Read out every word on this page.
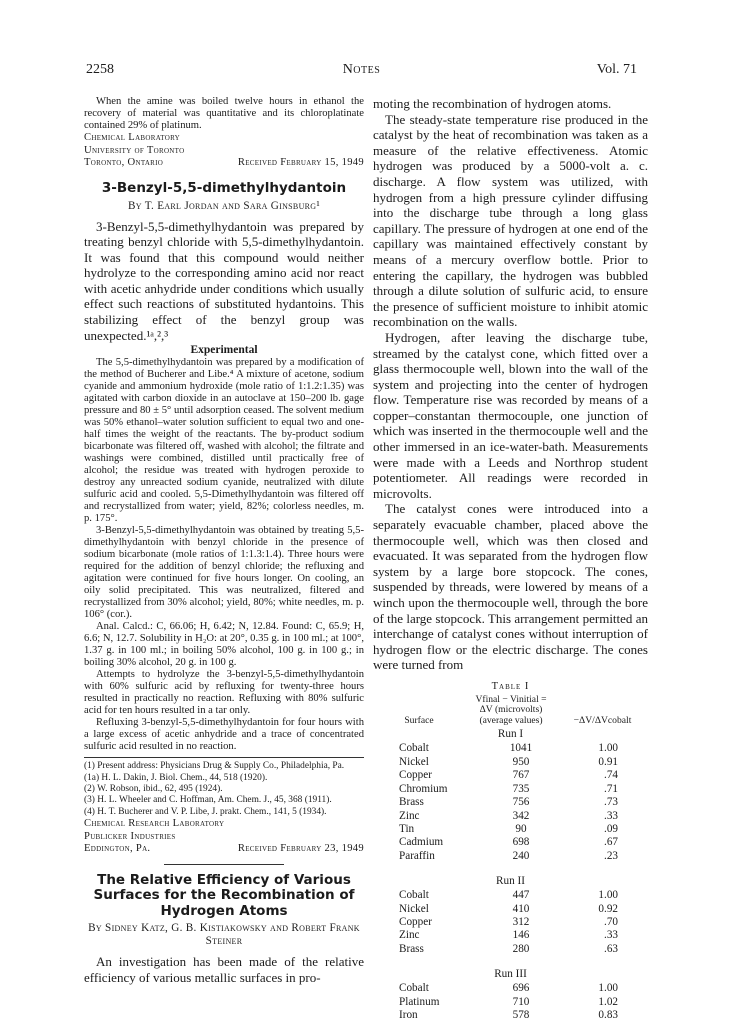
2258	Notes	Vol. 71

When the amine was boiled twelve hours in ethanol the recovery of material was quantitative and its chloroplatinate contained 29% of platinum.

Chemical Laboratory

University of Toronto

Toronto, Ontario	Received February 15, 1949
3-Benzyl-5,5-dimethylhydantoin
By T. Earl Jordan and Sara Ginsburg¹

3-Benzyl-5,5-dimethylhydantoin was prepared by treating benzyl chloride with 5,5-dimethylhydantoin. It was found that this compound would neither hydrolyze to the corresponding amino acid nor react with acetic anhydride under conditions which usually effect such reactions of substituted hydantoins. This stabilizing effect of the benzyl group was unexpected.¹ᵃ,²,³

Experimental

The 5,5-dimethylhydantoin was prepared by a modification of the method of Bucherer and Libe.⁴ A mixture of acetone, sodium cyanide and ammonium hydroxide (mole ratio of 1:1.2:1.35) was agitated with carbon dioxide in an autoclave at 150–200 lb. gage pressure and 80 ± 5° until adsorption ceased. The solvent medium was 50% ethanol–water solution sufficient to equal two and one-half times the weight of the reactants. The by-product sodium bicarbonate was filtered off, washed with alcohol; the filtrate and washings were combined, distilled until practically free of alcohol; the residue was treated with hydrogen peroxide to destroy any unreacted sodium cyanide, neutralized with dilute sulfuric acid and cooled. 5,5-Dimethylhydantoin was filtered off and recrystallized from water; yield, 82%; colorless needles, m. p. 175°.

3-Benzyl-5,5-dimethylhydantoin was obtained by treating 5,5-dimethylhydantoin with benzyl chloride in the presence of sodium bicarbonate (mole ratios of 1:1.3:1.4). Three hours were required for the addition of benzyl chloride; the refluxing and agitation were continued for five hours longer. On cooling, an oily solid precipitated. This was neutralized, filtered and recrystallized from 30% alcohol; yield, 80%; white needles, m. p. 106° (cor.).

Anal. Calcd.: C, 66.06; H, 6.42; N, 12.84. Found: C, 65.9; H, 6.6; N, 12.7. Solubility in H₂O: at 20°, 0.35 g. in 100 ml.; at 100°, 1.37 g. in 100 ml.; in boiling 50% alcohol, 100 g. in 100 g.; in boiling 30% alcohol, 20 g. in 100 g.

Attempts to hydrolyze the 3-benzyl-5,5-dimethylhydantoin with 60% sulfuric acid by refluxing for twenty-three hours resulted in practically no reaction. Refluxing with 80% sulfuric acid for ten hours resulted in a tar only.

Refluxing 3-benzyl-5,5-dimethylhydantoin for four hours with a large excess of acetic anhydride and a trace of concentrated sulfuric acid resulted in no reaction.

(1) Present address: Physicians Drug & Supply Co., Philadelphia, Pa.

(1a) H. L. Dakin, J. Biol. Chem., 44, 518 (1920).

(2) W. Robson, ibid., 62, 495 (1924).

(3) H. L. Wheeler and C. Hoffman, Am. Chem. J., 45, 368 (1911).

(4) H. T. Bucherer and V. P. Libe, J. prakt. Chem., 141, 5 (1934).

Chemical Research Laboratory

Publicker Industries

Eddington, Pa.	Received February 23, 1949
The Relative Efficiency of Various Surfaces for the Recombination of Hydrogen Atoms
By Sidney Katz, G. B. Kistiakowsky and Robert Frank Steiner

An investigation has been made of the relative efficiency of various metallic surfaces in pro-

moting the recombination of hydrogen atoms.

The steady-state temperature rise produced in the catalyst by the heat of recombination was taken as a measure of the relative effectiveness. Atomic hydrogen was produced by a 5000-volt a. c. discharge. A flow system was utilized, with hydrogen from a high pressure cylinder diffusing into the discharge tube through a long glass capillary. The pressure of hydrogen at one end of the capillary was maintained effectively constant by means of a mercury overflow bottle. Prior to entering the capillary, the hydrogen was bubbled through a dilute solution of sulfuric acid, to ensure the presence of sufficient moisture to inhibit atomic recombination on the walls.

Hydrogen, after leaving the discharge tube, streamed by the catalyst cone, which fitted over a glass thermocouple well, blown into the wall of the system and projecting into the center of hydrogen flow. Temperature rise was recorded by means of a copper–constantan thermocouple, one junction of which was inserted in the thermocouple well and the other immersed in an ice-water-bath. Measurements were made with a Leeds and Northrop student potentiometer. All readings were recorded in microvolts.

The catalyst cones were introduced into a separately evacuable chamber, placed above the thermocouple well, which was then closed and evacuated. It was separated from the hydrogen flow system by a large bore stopcock. The cones, suspended by threads, were lowered by means of a winch upon the thermocouple well, through the bore of the large stopcock. This arrangement permitted an interchange of catalyst cones without interruption of hydrogen flow or the electric discharge. The cones were turned from

Table I
Surface
Vfinal − Vinitial =
ΔV (microvolts)
(average values)	−ΔV/ΔVcobalt
Run I
Cobalt	1041	1.00
Nickel	950	0.91
Copper	767	.74
Chromium	735	.71
Brass	756	.73
Zinc	342	.33
Tin	90	.09
Cadmium	698	.67
Paraffin	240	.23
Run II
Cobalt	447	1.00
Nickel	410	0.92
Copper	312	.70
Zinc	146	.33
Brass	280	.63
Run III
Cobalt	696	1.00
Platinum	710	1.02
Iron	578	0.83
